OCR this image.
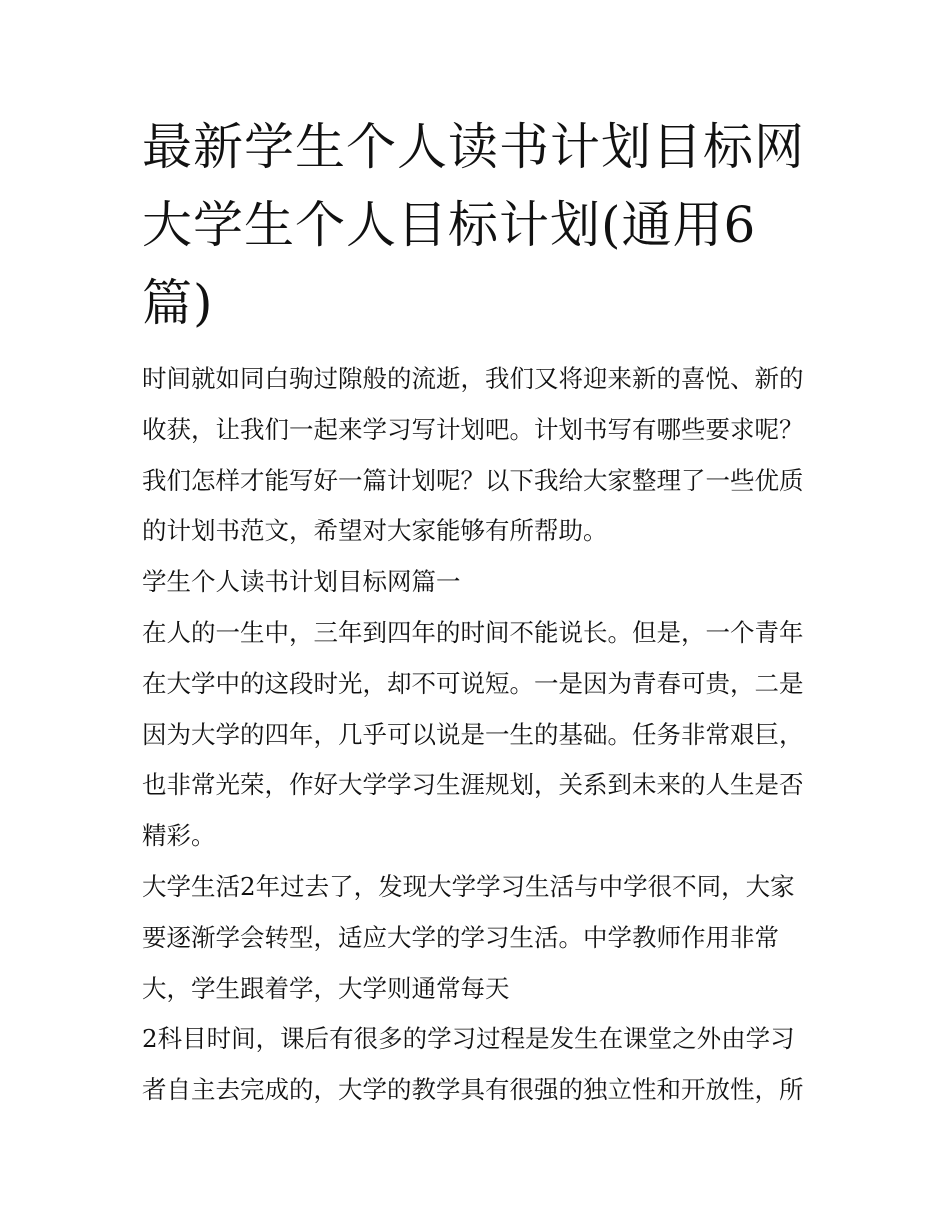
最新学生个人读书计划目标网大学生个人目标计划(通用6篇)

时间就如同白驹过隙般的流逝，我们又将迎来新的喜悦、新的收获，让我们一起来学习写计划吧。计划书写有哪些要求呢？我们怎样才能写好一篇计划呢？以下我给大家整理了一些优质的计划书范文，希望对大家能够有所帮助。

学生个人读书计划目标网篇一

在人的一生中，三年到四年的时间不能说长。但是，一个青年在大学中的这段时光，却不可说短。一是因为青春可贵，二是因为大学的四年，几乎可以说是一生的基础。任务非常艰巨，也非常光荣，作好大学学习生涯规划，关系到未来的人生是否精彩。

大学生活2年过去了，发现大学学习生活与中学很不同，大家要逐渐学会转型，适应大学的学习生活。中学教师作用非常大，学生跟着学，大学则通常每天

2科目时间，课后有很多的学习过程是发生在课堂之外由学习者自主去完成的，大学的教学具有很强的独立性和开放性，所
